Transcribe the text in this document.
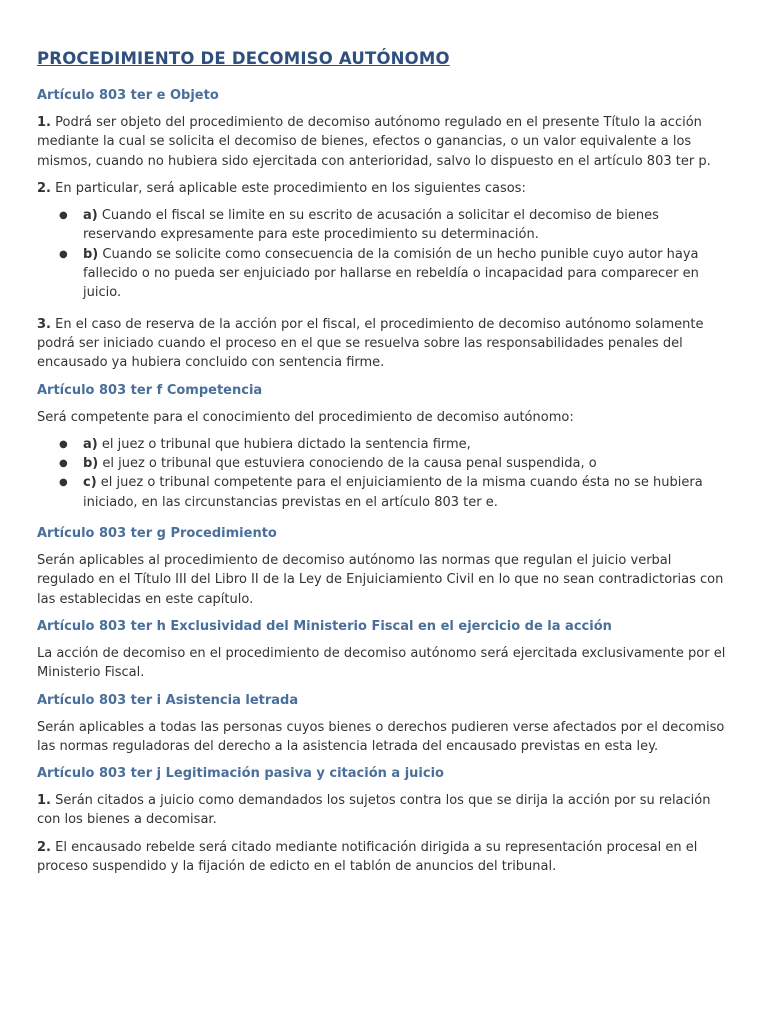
PROCEDIMIENTO DE DECOMISO AUTÓNOMO
Artículo 803 ter e Objeto

1. Podrá ser objeto del procedimiento de decomiso autónomo regulado en el presente Título la acción mediante la cual se solicita el decomiso de bienes, efectos o ganancias, o un valor equivalente a los mismos, cuando no hubiera sido ejercitada con anterioridad, salvo lo dispuesto en el artículo 803 ter p.

2. En particular, será aplicable este procedimiento en los siguientes casos:

● a) Cuando el fiscal se limite en su escrito de acusación a solicitar el decomiso de bienes reservando expresamente para este procedimiento su determinación.
● b) Cuando se solicite como consecuencia de la comisión de un hecho punible cuyo autor haya fallecido o no pueda ser enjuiciado por hallarse en rebeldía o incapacidad para comparecer en juicio.

3. En el caso de reserva de la acción por el fiscal, el procedimiento de decomiso autónomo solamente podrá ser iniciado cuando el proceso en el que se resuelva sobre las responsabilidades penales del encausado ya hubiera concluido con sentencia firme.

Artículo 803 ter f Competencia

Será competente para el conocimiento del procedimiento de decomiso autónomo:

● a) el juez o tribunal que hubiera dictado la sentencia firme,
● b) el juez o tribunal que estuviera conociendo de la causa penal suspendida, o
● c) el juez o tribunal competente para el enjuiciamiento de la misma cuando ésta no se hubiera iniciado, en las circunstancias previstas en el artículo 803 ter e.
Artículo 803 ter g Procedimiento

Serán aplicables al procedimiento de decomiso autónomo las normas que regulan el juicio verbal regulado en el Título III del Libro II de la Ley de Enjuiciamiento Civil en lo que no sean contradictorias con las establecidas en este capítulo.

Artículo 803 ter h Exclusividad del Ministerio Fiscal en el ejercicio de la acción

La acción de decomiso en el procedimiento de decomiso autónomo será ejercitada exclusivamente por el Ministerio Fiscal.

Artículo 803 ter i Asistencia letrada

Serán aplicables a todas las personas cuyos bienes o derechos pudieren verse afectados por el decomiso las normas reguladoras del derecho a la asistencia letrada del encausado previstas en esta ley.

Artículo 803 ter j Legitimación pasiva y citación a juicio

1. Serán citados a juicio como demandados los sujetos contra los que se dirija la acción por su relación con los bienes a decomisar.

2. El encausado rebelde será citado mediante notificación dirigida a su representación procesal en el proceso suspendido y la fijación de edicto en el tablón de anuncios del tribunal.
